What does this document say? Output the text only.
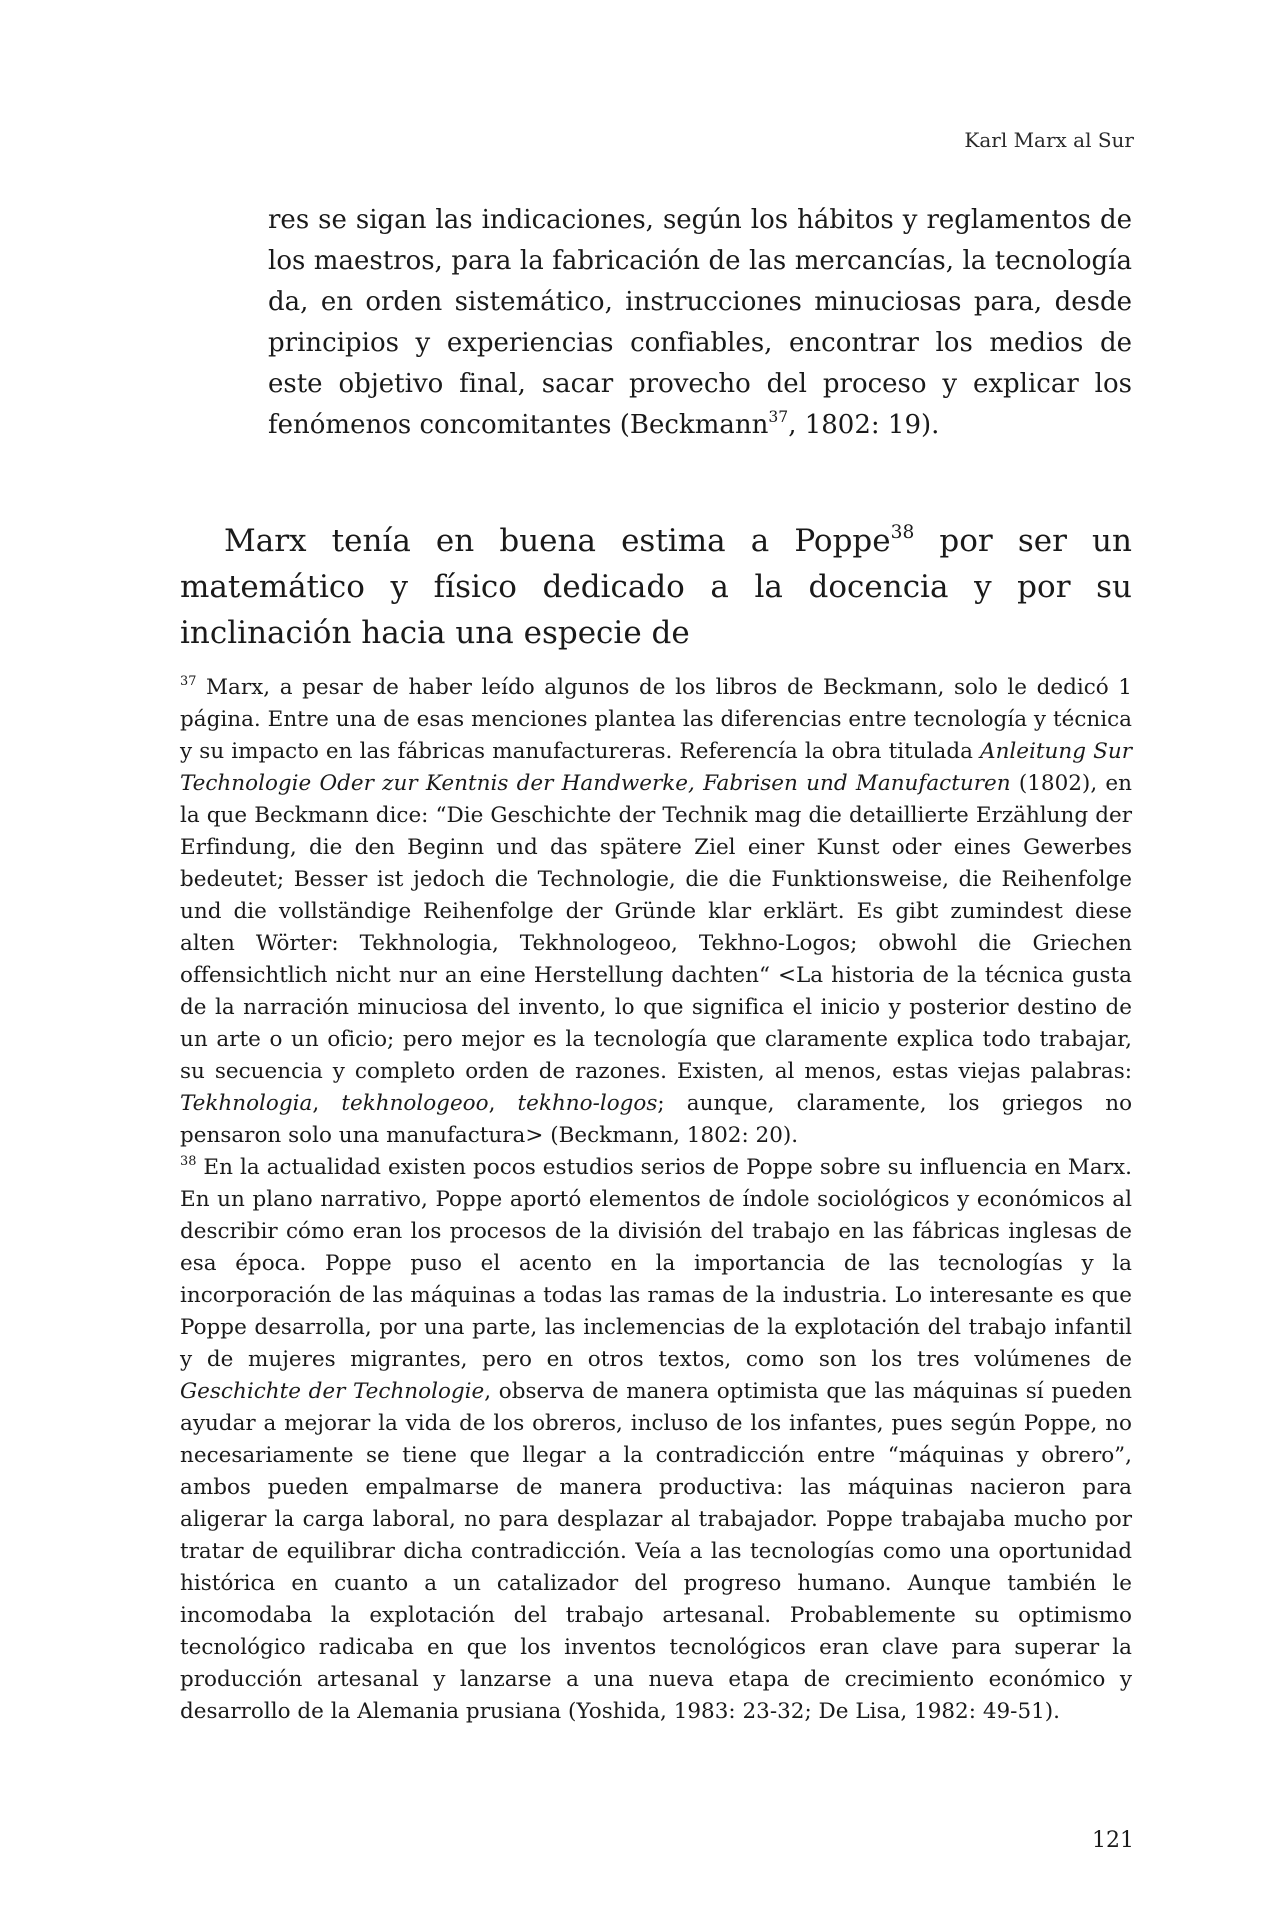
Karl Marx al Sur

res se sigan las indicaciones, según los hábitos y reglamentos de los maestros, para la fabricación de las mercancías, la tecnología da, en orden sistemático, instrucciones minuciosas para, desde principios y experiencias confiables, encontrar los medios de este objetivo final, sacar provecho del proceso y explicar los fenómenos concomitantes (Beckmann$^{37}$, 1802: 19).

Marx tenía en buena estima a Poppe$^{38}$ por ser un matemático y físico dedicado a la docencia y por su inclinación hacia una especie de

$^{37}$ Marx, a pesar de haber leído algunos de los libros de Beckmann, solo le dedicó 1 página. Entre una de esas menciones plantea las diferencias entre tecnología y técnica y su impacto en las fábricas manufactureras. Referencía la obra titulada Anleitung Sur Technologie Oder zur Kentnis der Handwerke, Fabrisen und Manufacturen (1802), en la que Beckmann dice: “Die Geschichte der Technik mag die detaillierte Erzählung der Erfindung, die den Beginn und das spätere Ziel einer Kunst oder eines Gewerbes bedeutet; Besser ist jedoch die Technologie, die die Funktionsweise, die Reihenfolge und die vollständige Reihenfolge der Gründe klar erklärt. Es gibt zumindest diese alten Wörter: Tekhnologia, Tekhnologeoo, Tekhno-Logos; obwohl die Griechen offensichtlich nicht nur an eine Herstellung dachten“ <La historia de la técnica gusta de la narración minuciosa del invento, lo que significa el inicio y posterior destino de un arte o un oficio; pero mejor es la tecnología que claramente explica todo trabajar, su secuencia y completo orden de razones. Existen, al menos, estas viejas palabras: Tekhnologia, tekhnologeoo, tekhno-logos; aunque, claramente, los griegos no pensaron solo una manufactura> (Beckmann, 1802: 20).

$^{38}$ En la actualidad existen pocos estudios serios de Poppe sobre su influencia en Marx. En un plano narrativo, Poppe aportó elementos de índole sociológicos y económicos al describir cómo eran los procesos de la división del trabajo en las fábricas inglesas de esa época. Poppe puso el acento en la importancia de las tecnologías y la incorporación de las máquinas a todas las ramas de la industria. Lo interesante es que Poppe desarrolla, por una parte, las inclemencias de la explotación del trabajo infantil y de mujeres migrantes, pero en otros textos, como son los tres volúmenes de Geschichte der Technologie, observa de manera optimista que las máquinas sí pueden ayudar a mejorar la vida de los obreros, incluso de los infantes, pues según Poppe, no necesariamente se tiene que llegar a la contradicción entre “máquinas y obrero”, ambos pueden empalmarse de manera productiva: las máquinas nacieron para aligerar la carga laboral, no para desplazar al trabajador. Poppe trabajaba mucho por tratar de equilibrar dicha contradicción. Veía a las tecnologías como una oportunidad histórica en cuanto a un catalizador del progreso humano. Aunque también le incomodaba la explotación del trabajo artesanal. Probablemente su optimismo tecnológico radicaba en que los inventos tecnológicos eran clave para superar la producción artesanal y lanzarse a una nueva etapa de crecimiento económico y desarrollo de la Alemania prusiana (Yoshida, 1983: 23-32; De Lisa, 1982: 49-51).

121
